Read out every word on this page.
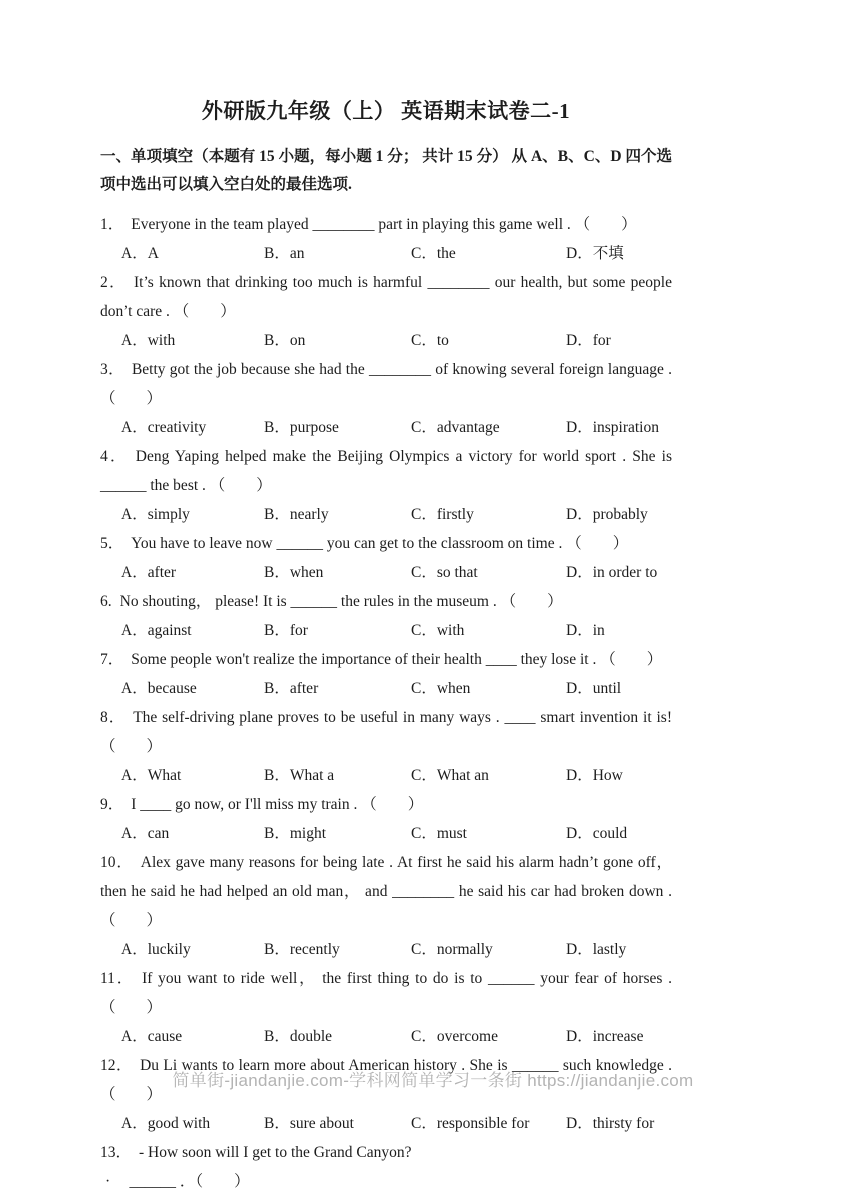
外研版九年级（上） 英语期末试卷二-1

一、单项填空（本题有 15 小题，每小题 1 分； 共计 15 分） 从 A、B、C、D 四个选项中选出可以填入空白处的最佳选项.

1． Everyone in the team played ________ part in playing this game well . （　　）
A．A	B．an	C．the	D．不填
2． It’s known that drinking too much is harmful ________ our health, but some people don’t care . （　　）
A．with	B．on	C．to	D．for
3． Betty got the job because she had the ________ of knowing several foreign language . （　　）
A．creativity	B．purpose	C．advantage	D．inspiration
4． Deng Yaping helped make the Beijing Olympics a victory for world sport . She is ______ the best . （　　）
A．simply	B．nearly	C．firstly	D．probably
5． You have to leave now ______ you can get to the classroom on time . （　　）
A．after	B．when	C．so that	D．in order to
6. No shouting， please! It is ______ the rules in the museum . （　　）
A．against	B．for	C．with	D．in
7． Some people won't realize the importance of their health ____ they lose it . （　　）
A．because	B．after	C．when	D．until
8． The self-driving plane proves to be useful in many ways . ____ smart invention it is! （　　）
A．What	B．What a	C．What an	D．How
9． I ____ go now, or I'll miss my train . （　　）
A．can	B．might	C．must	D．could
10． Alex gave many reasons for being late . At first he said his alarm hadn’t gone off， then he said he had helped an old man， and ________ he said his car had broken down . （　　）
A．luckily	B．recently	C．normally	D．lastly
11． If you want to ride well， the first thing to do is to ______ your fear of horses . （　　）
A．cause	B．double	C．overcome	D．increase
12． Du Li wants to learn more about American history . She is ______ such knowledge . （　　）
A．good with	B．sure about	C．responsible for	D．thirsty for
13． - How soon will I get to the Grand Canyon?
·　 ______ ．（　　）
简单街-jiandanjie.com-学科网简单学习一条街 https://jiandanjie.com
